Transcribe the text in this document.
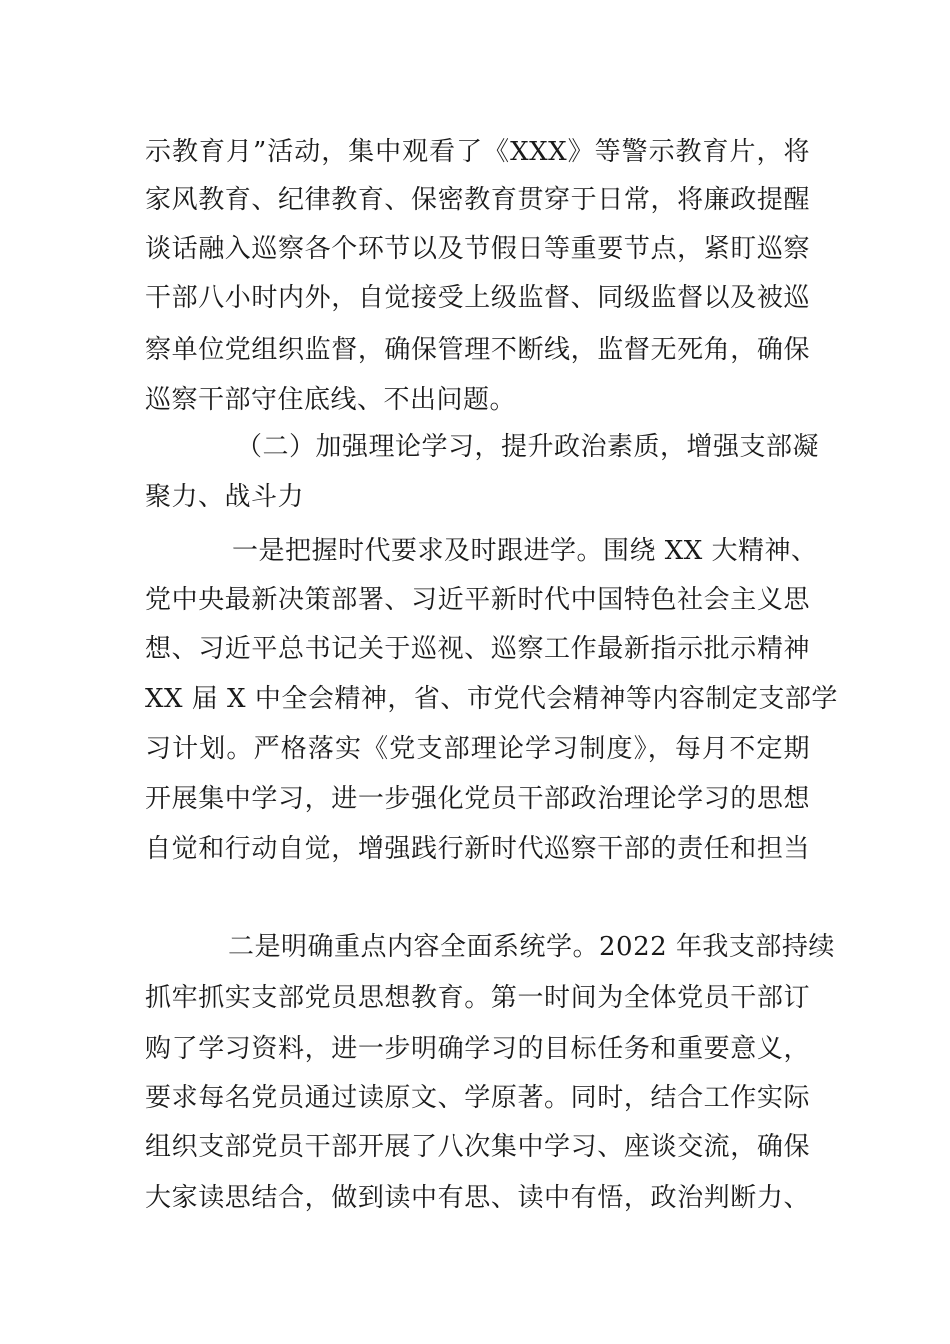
示教育月”活动，集中观看了《XXX》等警示教育片，将
家风教育、纪律教育、保密教育贯穿于日常，将廉政提醒
谈话融入巡察各个环节以及节假日等重要节点，紧盯巡察
干部八小时内外，自觉接受上级监督、同级监督以及被巡
察单位党组织监督，确保管理不断线，监督无死角，确保
巡察干部守住底线、不出问题。
（二）加强理论学习，提升政治素质，增强支部凝
聚力、战斗力
一是把握时代要求及时跟进学。围绕 XX 大精神、
党中央最新决策部署、习近平新时代中国特色社会主义思
想、习近平总书记关于巡视、巡察工作最新指示批示精神
XX 届 X 中全会精神，省、市党代会精神等内容制定支部学
习计划。严格落实《党支部理论学习制度》，每月不定期
开展集中学习，进一步强化党员干部政治理论学习的思想
自觉和行动自觉，增强践行新时代巡察干部的责任和担当
二是明确重点内容全面系统学。2022 年我支部持续
抓牢抓实支部党员思想教育。第一时间为全体党员干部订
购了学习资料，进一步明确学习的目标任务和重要意义，
要求每名党员通过读原文、学原著。同时，结合工作实际
组织支部党员干部开展了八次集中学习、座谈交流，确保
大家读思结合，做到读中有思、读中有悟，政治判断力、
